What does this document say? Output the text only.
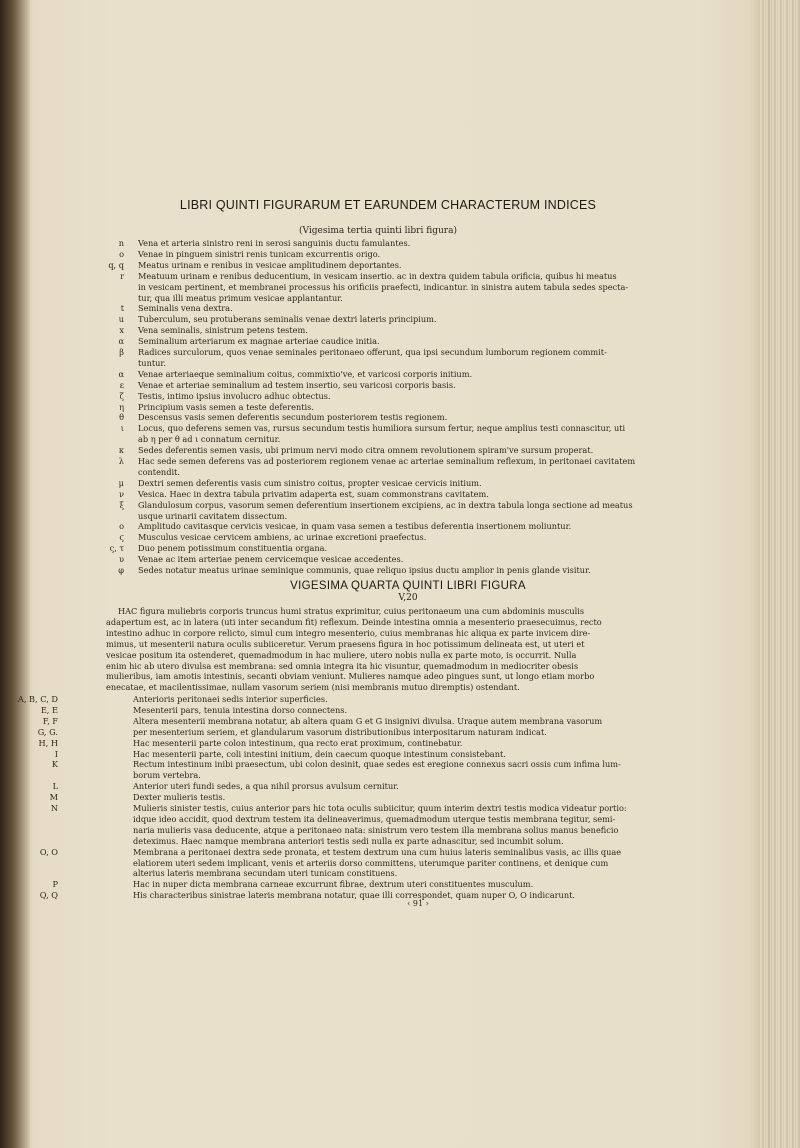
LIBRI QUINTI FIGURARUM ET EARUNDEM CHARACTERUM INDICES
(Vigesima tertia quinti libri figura)
n Vena et arteria sinistro reni in serosi sanguinis ductu famulantes.
o Venae in pinguem sinistri renis tunicam excurrentis origo.
q, q Meatus urinam e renibus in vesicae amplitudinem deportantes.
r Meatuum urinam e renibus deducentium, in vesicam insertio. ac in dextra quidem tabula orificia, quibus hi meatus
in vesicam pertinent, et membranei processus his orificiis praefecti, indicantur. in sinistra autem tabula sedes specta-
tur, qua illi meatus primum vesicae applantantur.
t Seminalis vena dextra.
u Tuberculum, seu protuberans seminalis venae dextri lateris principium.
x Vena seminalis, sinistrum petens testem.
α Seminalium arteriarum ex magnae arteriae caudice initia.
β Radices surculorum, quos venae seminales peritonaeo offerunt, qua ipsi secundum lumborum regionem commit-
tuntur.
α Venae arteriaeque seminalium coitus, commixtio've, et varicosi corporis initium.
ε Venae et arteriae seminalium ad testem insertio, seu varicosi corporis basis.
ζ Testis, intimo ipsius involucro adhuc obtectus.
η Principium vasis semen a teste deferentis.
θ Descensus vasis semen deferentis secundum posteriorem testis regionem.
ι Locus, quo deferens semen vas, rursus secundum testis humiliora sursum fertur, neque amplius testi connascitur, uti
ab η per θ ad ι connatum cernitur.
κ Sedes deferentis semen vasis, ubi primum nervi modo citra omnem revolutionem spiram've sursum properat.
λ Hac sede semen deferens vas ad posteriorem regionem venae ac arteriae seminalium reflexum, in peritonaei cavitatem
contendit.
μ Dextri semen deferentis vasis cum sinistro coitus, propter vesicae cervicis initium.
ν Vesica. Haec in dextra tabula privatim adaperta est, suam commonstrans cavitatem.
ξ Glandulosum corpus, vasorum semen deferentium insertionem excipiens, ac in dextra tabula longa sectione ad meatus
usque urinarii cavitatem dissectum.
ο Amplitudo cavitasque cervicis vesicae, in quam vasa semen a testibus deferentia insertionem moliuntur.
ϛ Musculus vesicae cervicem ambiens, ac urinae excretioni praefectus.
ς, τ Duo penem potissimum constituentia organa.
υ Venae ac item arteriae penem cervicemque vesicae accedentes.
φ Sedes notatur meatus urinae seminique communis, quae reliquo ipsius ductu amplior in penis glande visitur.
VIGESIMA QUARTA QUINTI LIBRI FIGURA
V,20
HAC figura muliebris corporis truncus humi stratus exprimitur, cuius peritonaeum una cum abdominis musculis
adapertum est, ac in latera (uti inter secandum fit) reflexum. Deinde intestina omnia a mesenterio praesecuimus, recto
intestino adhuc in corpore relicto, simul cum integro mesenterio, cuius membranas hic aliqua ex parte invicem dire-
mimus, ut mesenterii natura oculis subiiceretur. Verum praesens figura in hoc potissimum delineata est, ut uteri et
vesicae positum ita ostenderet, quemadmodum in hac muliere, utero nobis nulla ex parte moto, is occurrit. Nulla
enim hic ab utero divulsa est membrana: sed omnia integra ita hic visuntur, quemadmodum in mediocriter obesis
mulieribus, iam amotis intestinis, secanti obviam veniunt. Mulieres namque adeo pingues sunt, ut longo etiam morbo
enecatae, et macilentissimae, nullam vasorum seriem (nisi membranis mutuo diremptis) ostendant.
A, B, C, D	Anterioris peritonaei sedis interior superficies.
E, E	Mesenterii pars, tenuia intestina dorso connectens.
F, F	Altera mesenterii membrana notatur, ab altera quam G et G insignivi divulsa. Uraque autem membrana vasorum
G, G.	per mesenterium seriem, et glandularum vasorum distributionibus interpositarum naturam indicat.
H, H	Hac mesenterii parte colon intestinum, qua recto erat proximum, continebatur.
I	Hac mesenterii parte, coli intestini initium, dein caecum quoque intestinum consistebant.
K	Rectum intestinum inibi praesectum, ubi colon desinit, quae sedes est eregione connexus sacri ossis cum infima lum-
borum vertebra.
L	Anterior uteri fundi sedes, a qua nihil prorsus avulsum cernitur.
M	Dexter mulieris testis.
N	Mulieris sinister testis, cuius anterior pars hic tota oculis subiicitur, quum interim dextri testis modica videatur portio:
idque ideo accidit, quod dextrum testem ita delineaverimus, quemadmodum uterque testis membrana tegitur, semi-
naria mulieris vasa deducente, atque a peritonaeo nata: sinistrum vero testem illa membrana solius manus beneficio
deteximus. Haec namque membrana anteriori testis sedi nulla ex parte adnascitur, sed incumbit solum.
O, O	Membrana a peritonaei dextra sede pronata, et testem dextrum una cum huius lateris seminalibus vasis, ac illis quae
elatiorem uteri sedem implicant, venis et arteriis dorso committens, uterumque pariter continens, et denique cum
alterius lateris membrana secundam uteri tunicam constituens.
P	Hac in nuper dicta membrana carneae excurrunt fibrae, dextrum uteri constituentes musculum.
Q, Q	His characteribus sinistrae lateris membrana notatur, quae illi correspondet, quam nuper O, O indicarunt.
‹ 91 ›
